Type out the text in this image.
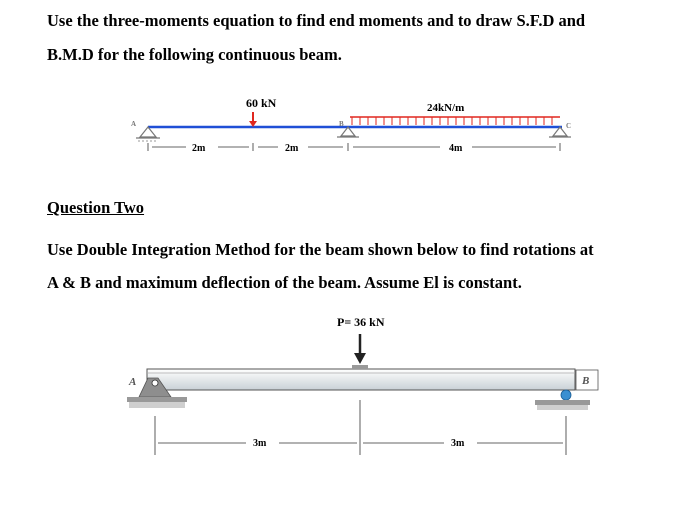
Use the three-moments equation to find end moments and to draw S.F.D and
B.M.D for the following continuous beam.
A	B	C
60 kN	24kN/m
2m	2m	4m
Question Two
Use Double Integration Method for the beam shown below to find rotations at
A & B and maximum deflection of the beam. Assume El is constant.
P= 36 kN
A	B
3m	3m
